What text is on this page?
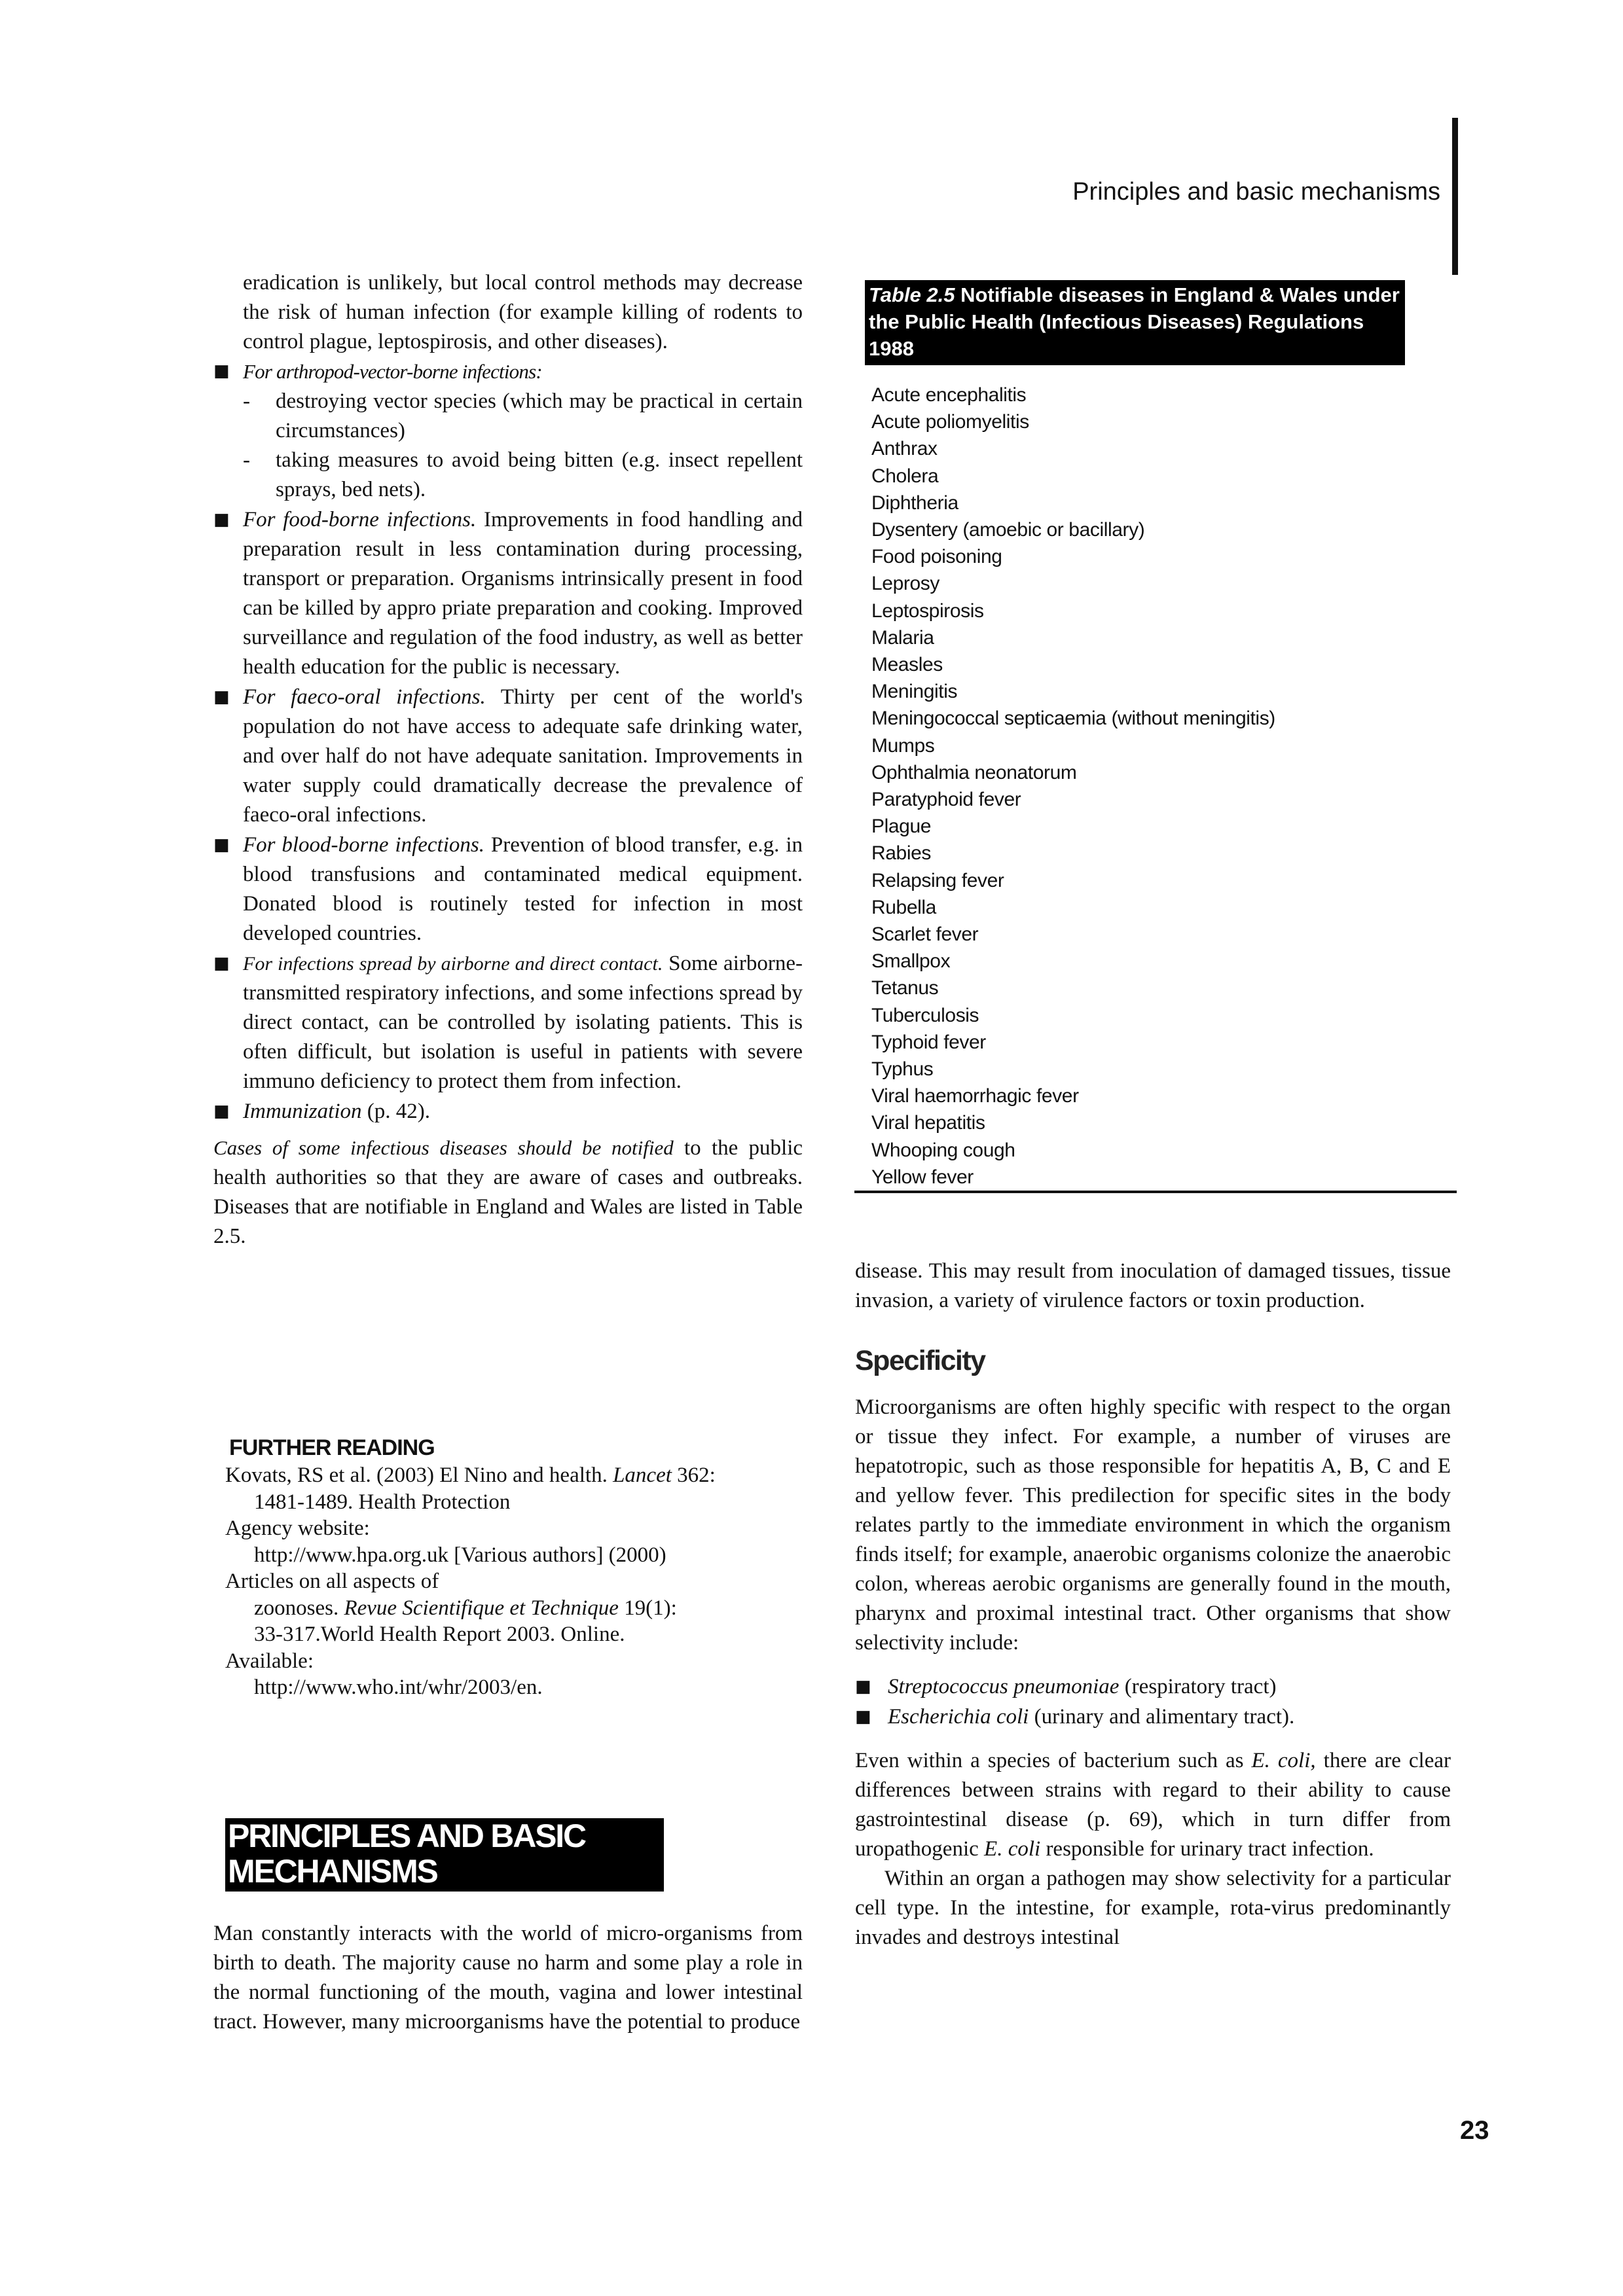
Principles and basic mechanisms

eradication is unlikely, but local control methods may decrease the risk of human infection (for example killing of rodents to control plague, leptospirosis, and other diseases).

■ For arthropod-vector-borne infections:
- destroying vector species (which may be practical in certain circumstances)
- taking measures to avoid being bitten (e.g. insect repellent sprays, bed nets).
■ For food-borne infections. Improvements in food handling and preparation result in less contamination during processing, transport or preparation. Organisms intrinsically present in food can be killed by appro priate preparation and cooking. Improved surveillance and regulation of the food industry, as well as better health education for the public is necessary.
■ For faeco-oral infections. Thirty per cent of the world's population do not have access to adequate safe drinking water, and over half do not have adequate sanitation. Improvements in water supply could dramatically decrease the prevalence of faeco-oral infections.
■ For blood-borne infections. Prevention of blood transfer, e.g. in blood transfusions and contaminated medical equipment. Donated blood is routinely tested for infection in most developed countries.
■ For infections spread by airborne and direct contact. Some airborne-transmitted respiratory infections, and some infections spread by direct contact, can be controlled by isolating patients. This is often difficult, but isolation is useful in patients with severe immuno deficiency to protect them from infection.
■ Immunization (p. 42).

Cases of some infectious diseases should be notified to the public health authorities so that they are aware of cases and outbreaks. Diseases that are notifiable in England and Wales are listed in Table 2.5.

FURTHER READING
Kovats, RS et al. (2003) El Nino and health. Lancet 362:
1481-1489. Health Protection
Agency website:
http://www.hpa.org.uk [Various authors] (2000)
Articles on all aspects of
zoonoses. Revue Scientifique et Technique 19(1):
33-317.World Health Report 2003. Online.
Available:
http://www.who.int/whr/2003/en.
PRINCIPLES AND BASIC
MECHANISMS

Man constantly interacts with the world of micro-organisms from birth to death. The majority cause no harm and some play a role in the normal functioning of the mouth, vagina and lower intestinal tract. However, many microorganisms have the potential to produce

Table 2.5 Notifiable diseases in England & Wales under the Public Health (Infectious Diseases) Regulations 1988
Acute encephalitis
Acute poliomyelitis
Anthrax
Cholera
Diphtheria
Dysentery (amoebic or bacillary)
Food poisoning
Leprosy
Leptospirosis
Malaria
Measles
Meningitis
Meningococcal septicaemia (without meningitis)
Mumps
Ophthalmia neonatorum
Paratyphoid fever
Plague
Rabies
Relapsing fever
Rubella
Scarlet fever
Smallpox
Tetanus
Tuberculosis
Typhoid fever
Typhus
Viral haemorrhagic fever
Viral hepatitis
Whooping cough
Yellow fever

disease. This may result from inoculation of damaged tissues, tissue invasion, a variety of virulence factors or toxin production.

Specificity

Microorganisms are often highly specific with respect to the organ or tissue they infect. For example, a number of viruses are hepatotropic, such as those responsible for hepatitis A, B, C and E and yellow fever. This predilection for specific sites in the body relates partly to the immediate environment in which the organism finds itself; for example, anaerobic organisms colonize the anaerobic colon, whereas aerobic organisms are generally found in the mouth, pharynx and proximal intestinal tract. Other organisms that show selectivity include:

■ Streptococcus pneumoniae (respiratory tract)
■ Escherichia coli (urinary and alimentary tract).

Even within a species of bacterium such as E. coli, there are clear differences between strains with regard to their ability to cause gastrointestinal disease (p. 69), which in turn differ from uropathogenic E. coli responsible for urinary tract infection.

Within an organ a pathogen may show selectivity for a particular cell type. In the intestine, for example, rota-virus predominantly invades and destroys intestinal

23
